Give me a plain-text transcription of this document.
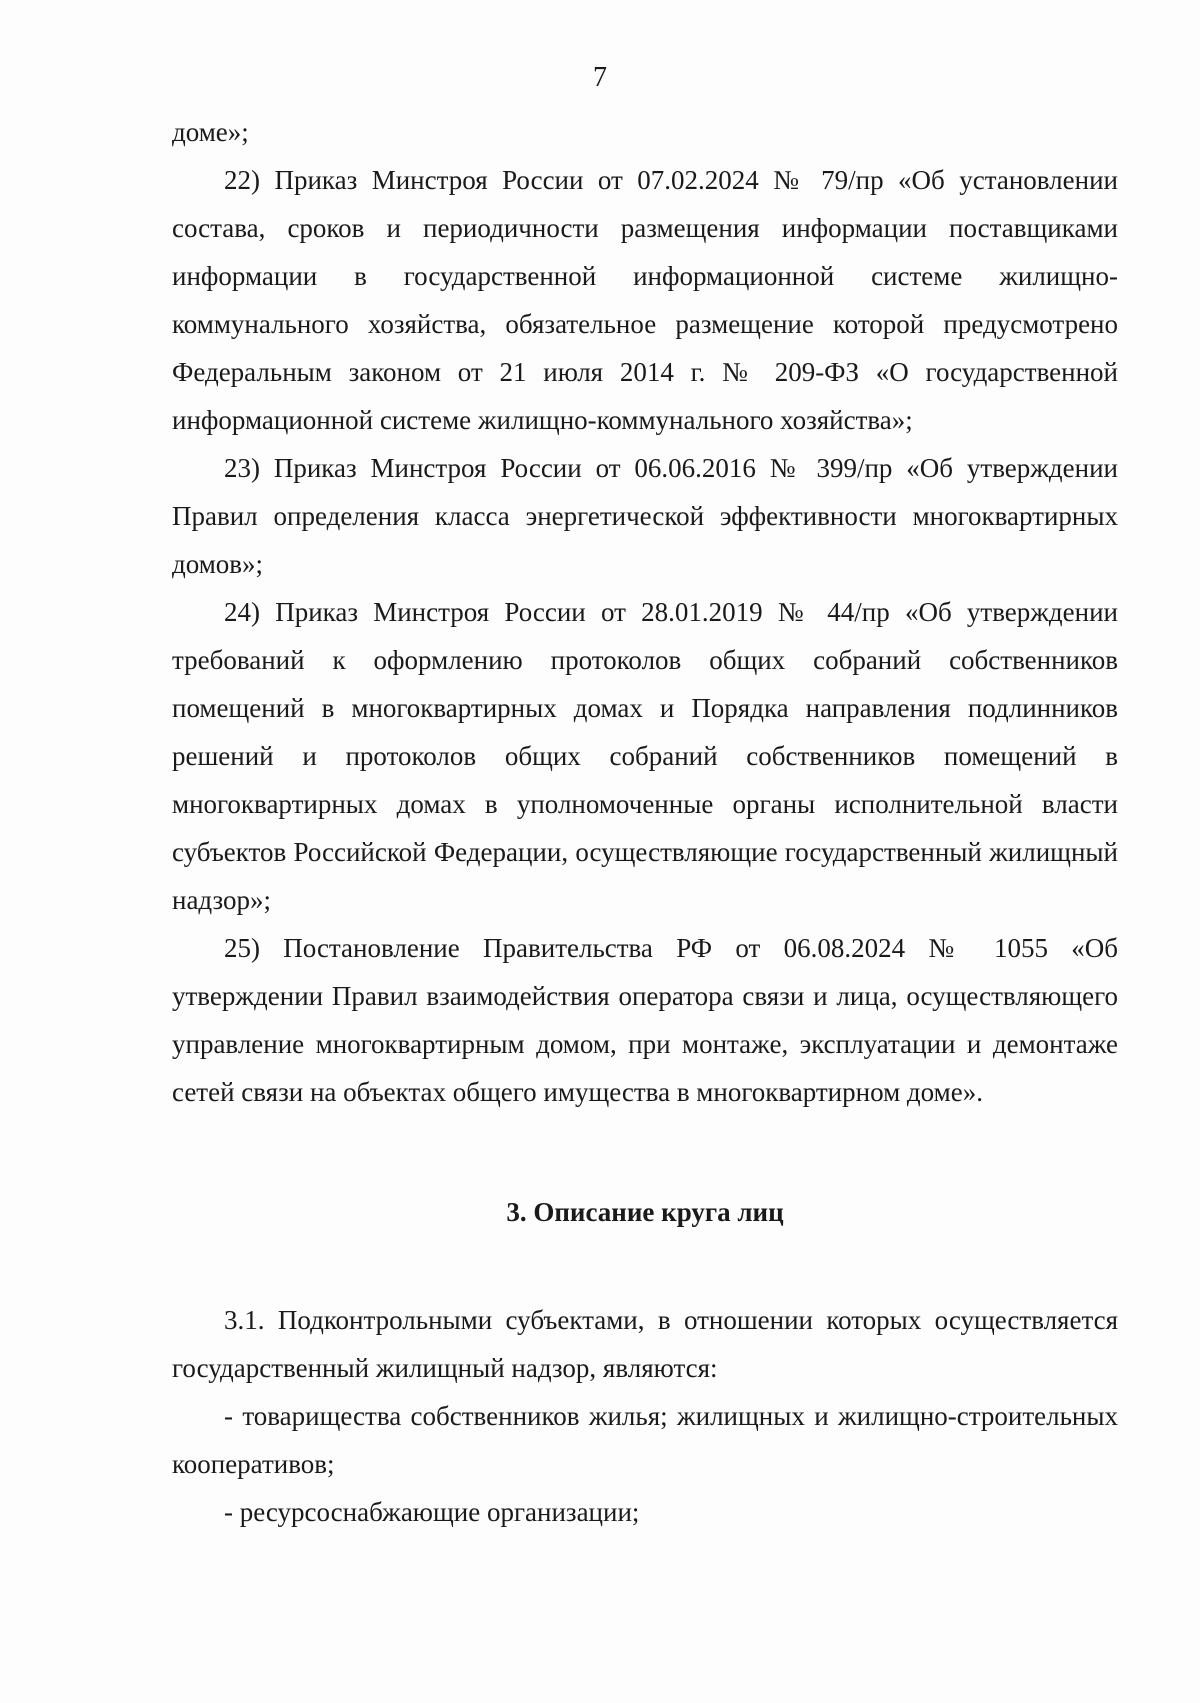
7

доме»;

22) Приказ Минстроя России от 07.02.2024 № 79/пр «Об установлении состава, сроков и периодичности размещения информации поставщиками информации в государственной информационной системе жилищно-коммунального хозяйства, обязательное размещение которой предусмотрено Федеральным законом от 21 июля 2014 г. № 209-ФЗ «О государственной информационной системе жилищно-коммунального хозяйства»;

23) Приказ Минстроя России от 06.06.2016 № 399/пр «Об утверждении Правил определения класса энергетической эффективности многоквартирных домов»;

24) Приказ Минстроя России от 28.01.2019 № 44/пр «Об утверждении требований к оформлению протоколов общих собраний собственников помещений в многоквартирных домах и Порядка направления подлинников решений и протоколов общих собраний собственников помещений в многоквартирных домах в уполномоченные органы исполнительной власти субъектов Российской Федерации, осуществляющие государственный жилищный надзор»;

25) Постановление Правительства РФ от 06.08.2024 № 1055 «Об утверждении Правил взаимодействия оператора связи и лица, осуществляющего управление многоквартирным домом, при монтаже, эксплуатации и демонтаже сетей связи на объектах общего имущества в многоквартирном доме».

3. Описание круга лиц

3.1. Подконтрольными субъектами, в отношении которых осуществляется государственный жилищный надзор, являются:

- товарищества собственников жилья; жилищных и жилищно-строительных кооперативов;

- ресурсоснабжающие организации;
